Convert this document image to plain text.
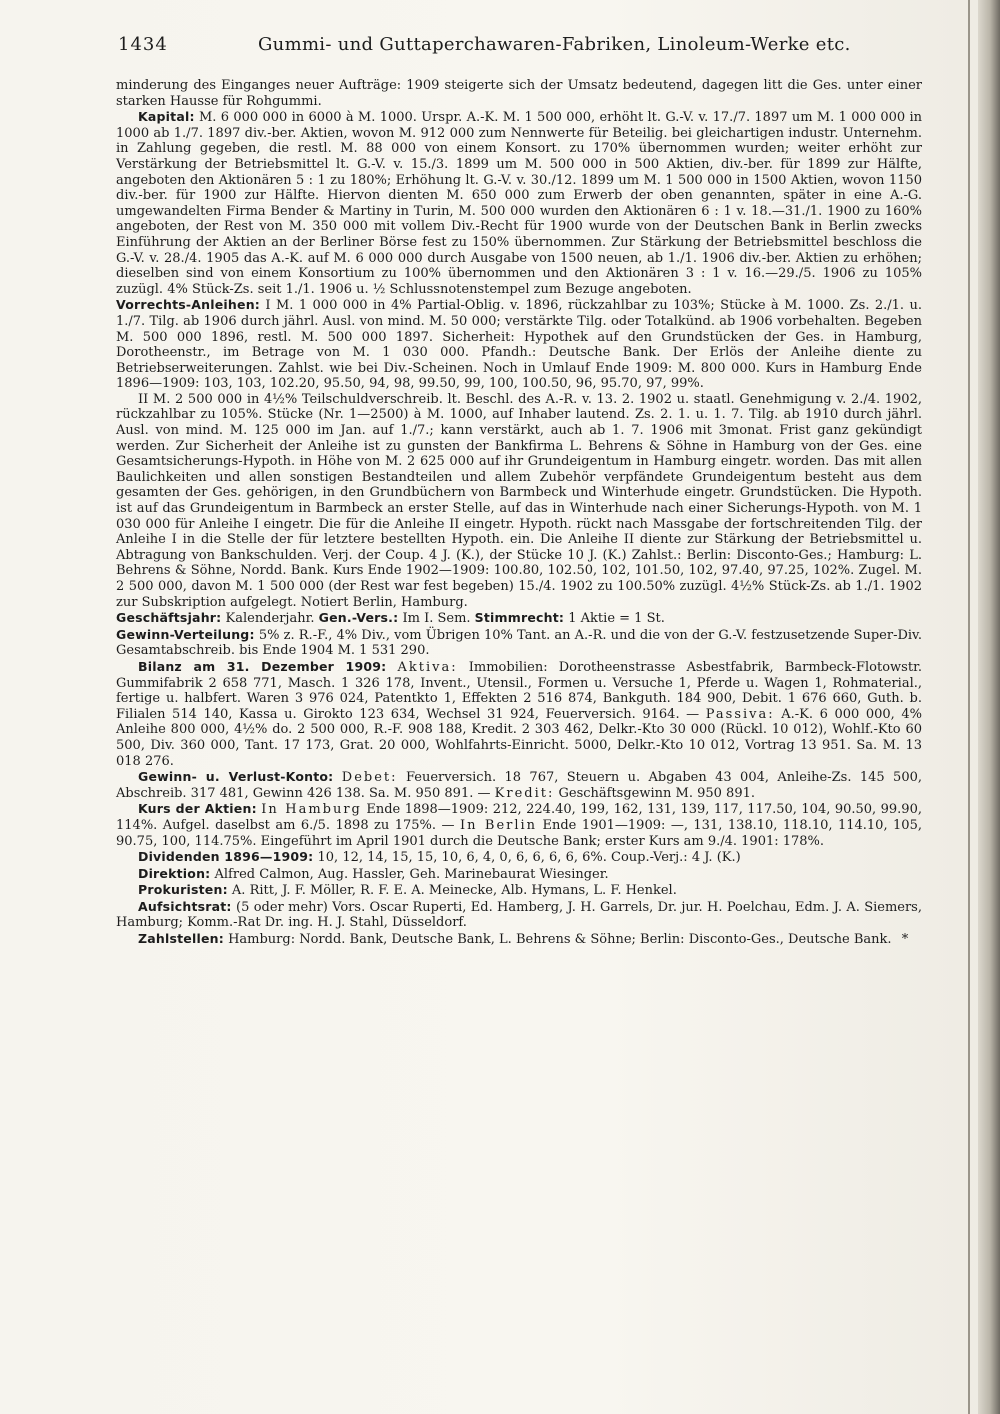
1434	Gummi- und Guttaperchawaren-Fabriken, Linoleum-Werke etc.

minderung des Einganges neuer Aufträge: 1909 steigerte sich der Umsatz bedeutend, dagegen litt die Ges. unter einer starken Hausse für Rohgummi.

Kapital: M. 6 000 000 in 6000 à M. 1000. Urspr. A.-K. M. 1 500 000, erhöht lt. G.-V. v. 17./7. 1897 um M. 1 000 000 in 1000 ab 1./7. 1897 div.-ber. Aktien, wovon M. 912 000 zum Nennwerte für Beteilig. bei gleichartigen industr. Unternehm. in Zahlung gegeben, die restl. M. 88 000 von einem Konsort. zu 170% übernommen wurden; weiter erhöht zur Verstärkung der Betriebsmittel lt. G.-V. v. 15./3. 1899 um M. 500 000 in 500 Aktien, div.-ber. für 1899 zur Hälfte, angeboten den Aktionären 5 : 1 zu 180%; Erhöhung lt. G.-V. v. 30./12. 1899 um M. 1 500 000 in 1500 Aktien, wovon 1150 div.-ber. für 1900 zur Hälfte. Hiervon dienten M. 650 000 zum Erwerb der oben genannten, später in eine A.-G. umgewandelten Firma Bender & Martiny in Turin, M. 500 000 wurden den Aktionären 6 : 1 v. 18.—31./1. 1900 zu 160% angeboten, der Rest von M. 350 000 mit vollem Div.-Recht für 1900 wurde von der Deutschen Bank in Berlin zwecks Einführung der Aktien an der Berliner Börse fest zu 150% übernommen. Zur Stärkung der Betriebsmittel beschloss die G.-V. v. 28./4. 1905 das A.-K. auf M. 6 000 000 durch Ausgabe von 1500 neuen, ab 1./1. 1906 div.-ber. Aktien zu erhöhen; dieselben sind von einem Konsortium zu 100% übernommen und den Aktionären 3 : 1 v. 16.—29./5. 1906 zu 105% zuzügl. 4% Stück-Zs. seit 1./1. 1906 u. ½ Schlussnotenstempel zum Bezuge angeboten.

Vorrechts-Anleihen: I M. 1 000 000 in 4% Partial-Oblig. v. 1896, rückzahlbar zu 103%; Stücke à M. 1000. Zs. 2./1. u. 1./7. Tilg. ab 1906 durch jährl. Ausl. von mind. M. 50 000; verstärkte Tilg. oder Totalkünd. ab 1906 vorbehalten. Begeben M. 500 000 1896, restl. M. 500 000 1897. Sicherheit: Hypothek auf den Grundstücken der Ges. in Hamburg, Dorotheenstr., im Betrage von M. 1 030 000. Pfandh.: Deutsche Bank. Der Erlös der Anleihe diente zu Betriebserweiterungen. Zahlst. wie bei Div.-Scheinen. Noch in Umlauf Ende 1909: M. 800 000. Kurs in Hamburg Ende 1896—1909: 103, 103, 102.20, 95.50, 94, 98, 99.50, 99, 100, 100.50, 96, 95.70, 97, 99%.

II M. 2 500 000 in 4½% Teilschuldverschreib. lt. Beschl. des A.-R. v. 13. 2. 1902 u. staatl. Genehmigung v. 2./4. 1902, rückzahlbar zu 105%. Stücke (Nr. 1—2500) à M. 1000, auf Inhaber lautend. Zs. 2. 1. u. 1. 7. Tilg. ab 1910 durch jährl. Ausl. von mind. M. 125 000 im Jan. auf 1./7.; kann verstärkt, auch ab 1. 7. 1906 mit 3monat. Frist ganz gekündigt werden. Zur Sicherheit der Anleihe ist zu gunsten der Bankfirma L. Behrens & Söhne in Hamburg von der Ges. eine Gesamtsicherungs-Hypoth. in Höhe von M. 2 625 000 auf ihr Grundeigentum in Hamburg eingetr. worden. Das mit allen Baulichkeiten und allen sonstigen Bestandteilen und allem Zubehör verpfändete Grundeigentum besteht aus dem gesamten der Ges. gehörigen, in den Grundbüchern von Barmbeck und Winterhude eingetr. Grundstücken. Die Hypoth. ist auf das Grundeigentum in Barmbeck an erster Stelle, auf das in Winterhude nach einer Sicherungs-Hypoth. von M. 1 030 000 für Anleihe I eingetr. Die für die Anleihe II eingetr. Hypoth. rückt nach Massgabe der fortschreitenden Tilg. der Anleihe I in die Stelle der für letztere bestellten Hypoth. ein. Die Anleihe II diente zur Stärkung der Betriebsmittel u. Abtragung von Bankschulden. Verj. der Coup. 4 J. (K.), der Stücke 10 J. (K.) Zahlst.: Berlin: Disconto-Ges.; Hamburg: L. Behrens & Söhne, Nordd. Bank. Kurs Ende 1902—1909: 100.80, 102.50, 102, 101.50, 102, 97.40, 97.25, 102%. Zugel. M. 2 500 000, davon M. 1 500 000 (der Rest war fest begeben) 15./4. 1902 zu 100.50% zuzügl. 4½% Stück-Zs. ab 1./1. 1902 zur Subskription aufgelegt. Notiert Berlin, Hamburg.

Geschäftsjahr: Kalenderjahr. Gen.-Vers.: Im I. Sem. Stimmrecht: 1 Aktie = 1 St.

Gewinn-Verteilung: 5% z. R.-F., 4% Div., vom Übrigen 10% Tant. an A.-R. und die von der G.-V. festzusetzende Super-Div. Gesamtabschreib. bis Ende 1904 M. 1 531 290.

Bilanz am 31. Dezember 1909: Aktiva: Immobilien: Dorotheenstrasse Asbestfabrik, Barmbeck-Flotowstr. Gummifabrik 2 658 771, Masch. 1 326 178, Invent., Utensil., Formen u. Versuche 1, Pferde u. Wagen 1, Rohmaterial., fertige u. halbfert. Waren 3 976 024, Patentkto 1, Effekten 2 516 874, Bankguth. 184 900, Debit. 1 676 660, Guth. b. Filialen 514 140, Kassa u. Girokto 123 634, Wechsel 31 924, Feuerversich. 9164. — Passiva: A.-K. 6 000 000, 4% Anleihe 800 000, 4½% do. 2 500 000, R.-F. 908 188, Kredit. 2 303 462, Delkr.-Kto 30 000 (Rückl. 10 012), Wohlf.-Kto 60 500, Div. 360 000, Tant. 17 173, Grat. 20 000, Wohlfahrts-Einricht. 5000, Delkr.-Kto 10 012, Vortrag 13 951. Sa. M. 13 018 276.

Gewinn- u. Verlust-Konto: Debet: Feuerversich. 18 767, Steuern u. Abgaben 43 004, Anleihe-Zs. 145 500, Abschreib. 317 481, Gewinn 426 138. Sa. M. 950 891. — Kredit: Geschäftsgewinn M. 950 891.

Kurs der Aktien: In Hamburg Ende 1898—1909: 212, 224.40, 199, 162, 131, 139, 117, 117.50, 104, 90.50, 99.90, 114%. Aufgel. daselbst am 6./5. 1898 zu 175%. — In Berlin Ende 1901—1909: —, 131, 138.10, 118.10, 114.10, 105, 90.75, 100, 114.75%. Eingeführt im April 1901 durch die Deutsche Bank; erster Kurs am 9./4. 1901: 178%.

Dividenden 1896—1909: 10, 12, 14, 15, 15, 10, 6, 4, 0, 6, 6, 6, 6, 6%. Coup.-Verj.: 4 J. (K.)

Direktion: Alfred Calmon, Aug. Hassler, Geh. Marinebaurat Wiesinger.

Prokuristen: A. Ritt, J. F. Möller, R. F. E. A. Meinecke, Alb. Hymans, L. F. Henkel.

Aufsichtsrat: (5 oder mehr) Vors. Oscar Ruperti, Ed. Hamberg, J. H. Garrels, Dr. jur. H. Poelchau, Edm. J. A. Siemers, Hamburg; Komm.-Rat Dr. ing. H. J. Stahl, Düsseldorf.

Zahlstellen: Hamburg: Nordd. Bank, Deutsche Bank, L. Behrens & Söhne; Berlin: Disconto-Ges., Deutsche Bank. *
